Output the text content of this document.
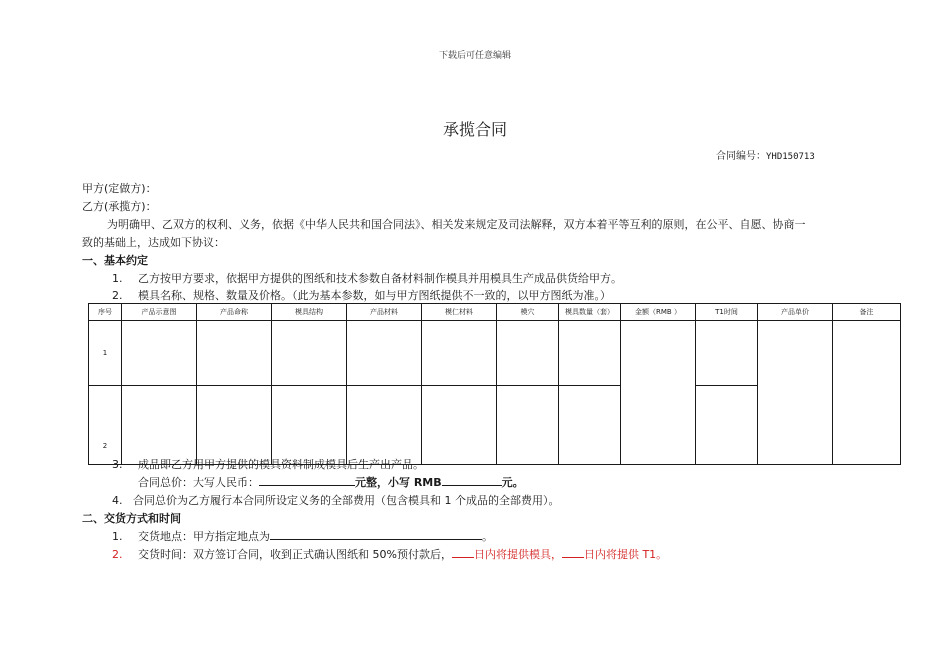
下载后可任意编辑
承揽合同
合同编号：YHD150713
甲方(定做方)：
乙方(承揽方)：
为明确甲、乙双方的权利、义务，依据《中华人民共和国合同法》、相关发来规定及司法解释，双方本着平等互利的原则，在公平、自愿、协商一
致的基础上，达成如下协议：
一、基本约定
1. 乙方按甲方要求，依据甲方提供的图纸和技术参数自备材料制作模具并用模具生产成品供货给甲方。
2. 模具名称、规格、数量及价格。（此为基本参数，如与甲方图纸提供不一致的，以甲方图纸为准。）
序号	产品示意图	产品命称	模具结构	产品材料	模仁材料	模穴	模具数量（套）	金额（RMB ）	T1时间	产品单价	备注
1											
2											
3. 成品即乙方用甲方提供的模具资料制成模具后生产出产品。
合同总价：大写人民币：	元整，小写 RMB	元。
4. 合同总价为乙方履行本合同所设定义务的全部费用（包含模具和 1 个成品的全部费用）。
二、交货方式和时间
1. 交货地点：甲方指定地点为	。
2. 交货时间：双方签订合同，收到正式确认图纸和 50%预付款后， 日内将提供模具， 日内将提供 T1。
